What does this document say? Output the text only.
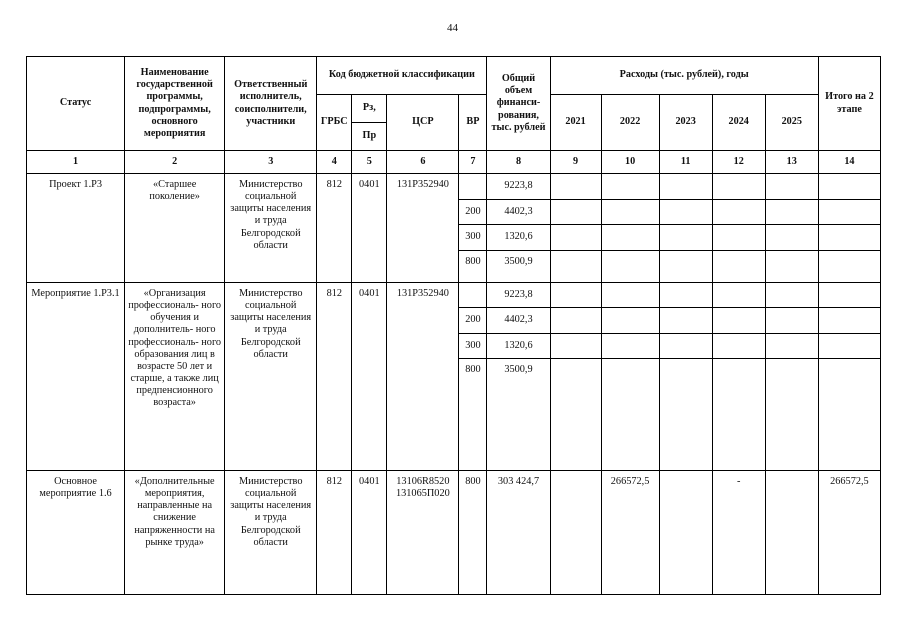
44
Статус	Наименование государственной программы, подпрограммы, основного мероприятия	Ответственный исполнитель, соисполнители, участники	Код бюджетной классификации				Общий объем финанси- рования, тыс. рублей	Расходы (тыс. рублей), годы					Итого на 2 этапе
			ГРБС	Рз,	ЦСР	ВР		2021	2022	2023	2024	2025	
				Пр									
1	2	3	4	5	6	7	8	9	10	11	12	13	14
Проект 1.Р3	«Старшее поколение»	Министерство социальной защиты населения и труда Белгородской области	812	0401	131Р352940		9223,8						
						200	4402,3						
						300	1320,6						
						800	3500,9						
Мероприятие 1.Р3.1	«Организация профессиональ- ного обучения и дополнитель- ного профессиональ- ного образования лиц в возрасте 50 лет и старше, а также лиц предпенсионного возраста»	Министерство социальной защиты населения и труда Белгородской области	812	0401	131Р352940		9223,8						
						200	4402,3						
						300	1320,6						
						800	3500,9						
Основное мероприятие 1.6	«Дополнительные мероприятия, направленные на снижение напряженности на рынке труда»	Министерство социальной защиты населения и труда Белгородской области	812	0401	13106R8520 131065П020	800	303 424,7		266572,5		-		266572,5
